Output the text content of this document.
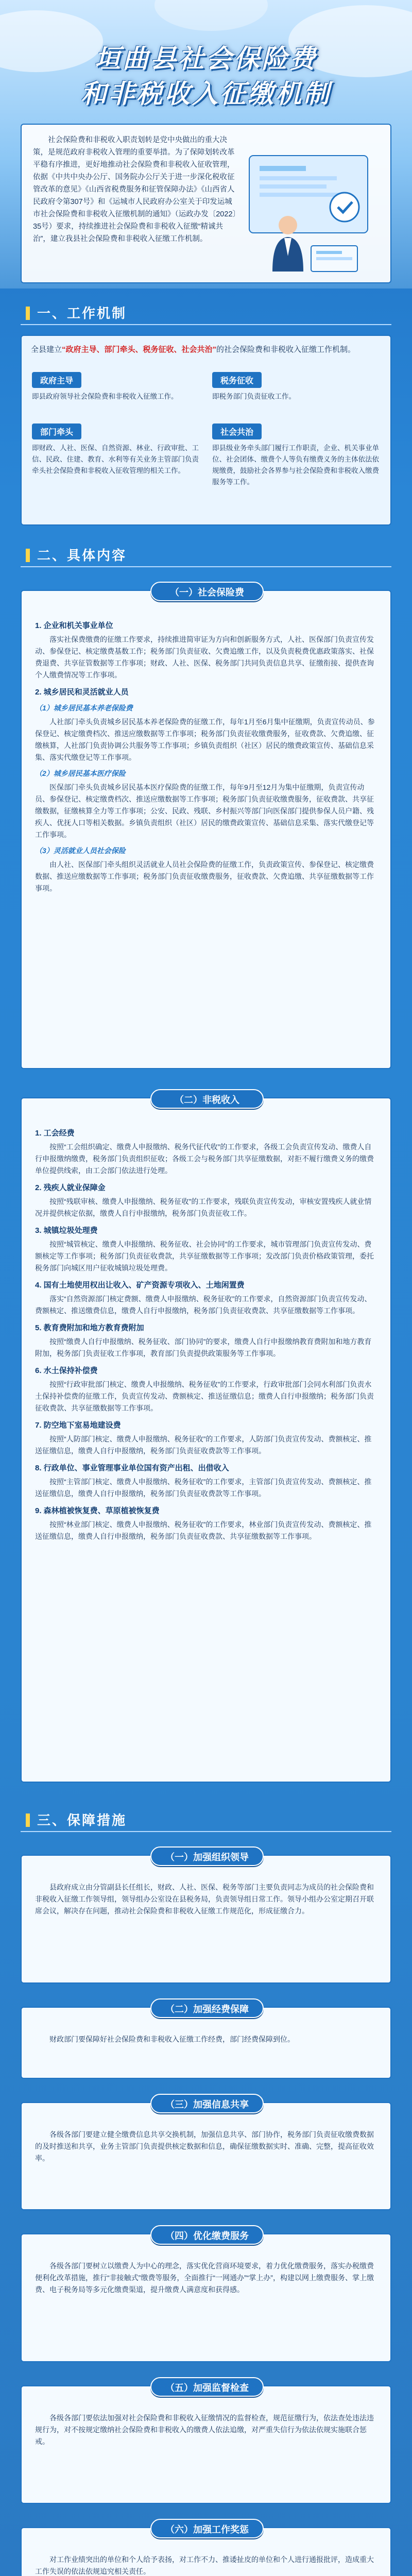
垣曲县社会保险费
和非税收入征缴机制
社会保险费和非税收入职责划转是党中央做出的重大决策，是规范政府非税收入管理的重要举措。为了保障划转改革平稳有序推进，更好地推动社会保险费和非税收入征收管理，依据《中共中央办公厅、国务院办公厅关于进一步深化税收征管改革的意见》《山西省税费服务和征管保障办法》《山西省人民政府令第307号》和《运城市人民政府办公室关于印发运城市社会保险费和非税收入征缴机制的通知》（运政办发〔2022〕35号）要求，持续推进社会保险费和非税收入征缴“精诚共治”，建立我县社会保险费和非税收入征缴工作机制。
一、工作机制
全县建立“政府主导、部门牵头、税务征收、社会共治”的社会保险费和非税收入征缴工作机制。
政府主导
即县政府领导社会保险费和非税收入征缴工作。
税务征收
即税务部门负责征收工作。
部门牵头
即财政、人社、医保、自然资源、林业、行政审批、工信、民政、住建、教育、水利等有关业务主管部门负责牵头社会保险费和非税收入征收管理的相关工作。
社会共治
即县级业务牵头部门履行工作职责，企业、机关事业单位、社会团体、缴费个人等负有缴费义务的主体依法依规缴费，鼓励社会各界参与社会保险费和非税收入缴费服务等工作。
二、具体内容
（一）社会保险费
1. 企业和机关事业单位
落实社保费缴费的征缴工作要求，持续推进简审证为方向和创新服务方式，人社、医保部门负责宣传发动、参保登记、核定缴费基数工作；税务部门负责征收、欠费追缴工作，以及负责税费优惠政策落实、社保费退费、共享征管数据等工作事项；财政、人社、医保、税务部门共同负责信息共享、征缴衔接、提供查询个人缴费情况等工作事项。
2. 城乡居民和灵活就业人员
（1）城乡居民基本养老保险费
人社部门牵头负责城乡居民基本养老保险费的征缴工作，每年1月至6月集中征缴期，负责宣传动员、参保登记、核定缴费档次、推送应缴数据等工作事项；税务部门负责征收缴费服务，征收费款、欠费追缴、征缴核算，人社部门负责协调公共服务等工作事项；乡镇负责组织（社区）居民的缴费政策宣传、基础信息采集、落实代缴登记等工作事项。
（2）城乡居民基本医疗保险
医保部门牵头负责城乡居民基本医疗保险费的征缴工作，每年9月至12月为集中征缴期，负责宣传动员、参保登记、核定缴费档次、推送应缴数据等工作事项；税务部门负责征收缴费服务，征收费款、共享征缴数据，征缴核算全力等工作事项；公安、民政、残联、乡村振兴等部门向医保部门提供参保人员户籍、残疾人、优抚人口等相关数据。乡镇负责组织（社区）居民的缴费政策宣传、基础信息采集、落实代缴登记等工作事项。
（3）灵活就业人员社会保险
由人社、医保部门牵头组织灵活就业人员社会保险费的征缴工作，负责政策宣传、参保登记、核定缴费数据、推送应缴数据等工作事项；税务部门负责征收缴费服务，征收费款、欠费追缴、共享征缴数据等工作事项。
（二）非税收入
1. 工会经费
按照“工会组织确定、缴费人申报缴纳、税务代征代收”的工作要求，各级工会负责宣传发动、缴费人自行申报缴纳缴费，税务部门负责组织征收；各级工会与税务部门共享征缴数据，对拒不履行缴费义务的缴费单位提供线索，由工会部门依法进行处理。
2. 残疾人就业保障金
按照“残联审核、缴费人申报缴纳、税务征收”的工作要求，残联负责宣传发动，审核安置残疾人就业情况并提供核定依据，缴费人自行申报缴纳，税务部门负责征收工作。
3. 城镇垃圾处理费
按照“城管核定、缴费人申报缴纳、税务征收、社会协同”的工作要求，城市管理部门负责宣传发动、费额核定等工作事项；税务部门负责征收费款，共享征缴数据等工作事项；发改部门负责价格政策管理，委托税务部门向城区用户征收城镇垃圾处理费。
4. 国有土地使用权出让收入、矿产资源专项收入、土地闲置费
落实“自然资源部门核定费额、缴费人申报缴纳、税务征收”的工作要求，自然资源部门负责宣传发动、费额核定、推送缴费信息，缴费人自行申报缴纳，税务部门负责征收费款、共享征缴数据等工作事项。
5. 教育费附加和地方教育费附加
按照“缴费人自行申报缴纳、税务征收、部门协同”的要求，缴费人自行申报缴纳教育费附加和地方教育附加，税务部门负责征收工作事项，教育部门负责提供政策服务等工作事项。
6. 水土保持补偿费
按照“行政审批部门核定、缴费人申报缴纳、税务征收”的工作要求，行政审批部门会同水利部门负责水土保持补偿费的征缴工作，负责宣传发动、费额核定、推送征缴信息；缴费人自行申报缴纳；税务部门负责征收费款、共享征缴数据等工作事项。
7. 防空地下室易地建设费
按照“人防部门核定、缴费人申报缴纳、税务征收”的工作要求，人防部门负责宣传发动、费额核定、推送征缴信息，缴费人自行申报缴纳，税务部门负责征收费款等工作事项。
8. 行政单位、事业管理事业单位国有资产出租、出借收入
按照“主管部门核定、缴费人申报缴纳、税务征收”的工作要求，主管部门负责宣传发动、费额核定、推送征缴信息，缴费人自行申报缴纳，税务部门负责征收费款等工作事项。
9. 森林植被恢复费、草原植被恢复费
按照“林业部门核定、缴费人申报缴纳、税务征收”的工作要求，林业部门负责宣传发动、费额核定、推送征缴信息，缴费人自行申报缴纳，税务部门负责征收费款、共享征缴数据等工作事项。
三、保障措施
（一）加强组织领导
县政府成立由分管副县长任组长，财政、人社、医保、税务等部门主要负责同志为成员的社会保险费和非税收入征缴工作领导组，领导组办公室设在县税务局，负责领导组日常工作。领导小组办公室定期召开联席会议，解决存在问题，推动社会保险费和非税收入征缴工作规范化，形成征缴合力。
（二）加强经费保障
财政部门要保障好社会保险费和非税收入征缴工作经费，部门经费保障到位。
（三）加强信息共享
各级各部门要建立健全缴费信息共享交换机制，加强信息共享、部门协作，税务部门负责征收缴费数据的及时推送和共享，业务主管部门负责提供核定数据和信息，确保征缴数据实时、准确、完整，提高征收效率。
（四）优化缴费服务
各级各部门要树立以缴费人为中心的理念，落实优化营商环境要求，着力优化缴费服务，落实办税缴费便利化改革措施，推行“非接触式”缴费等服务，全面推行“一网通办”“掌上办”，构建以网上缴费服务、掌上缴费、电子税务局等多元化缴费渠道，提升缴费人满意度和获得感。
（五）加强监督检查
各级各部门要依法加强对社会保险费和非税收入征缴情况的监督检查，规范征缴行为，依法查处违法违规行为，对不按规定缴纳社会保险费和非税收入的缴费人依法追缴，对严重失信行为依法依规实施联合惩戒。
（六）加强工作奖惩
对工作业绩突出的单位和个人给予表扬，对工作不力、推诿扯皮的单位和个人进行通报批评，造成重大工作失误的依法依规追究相关责任。
